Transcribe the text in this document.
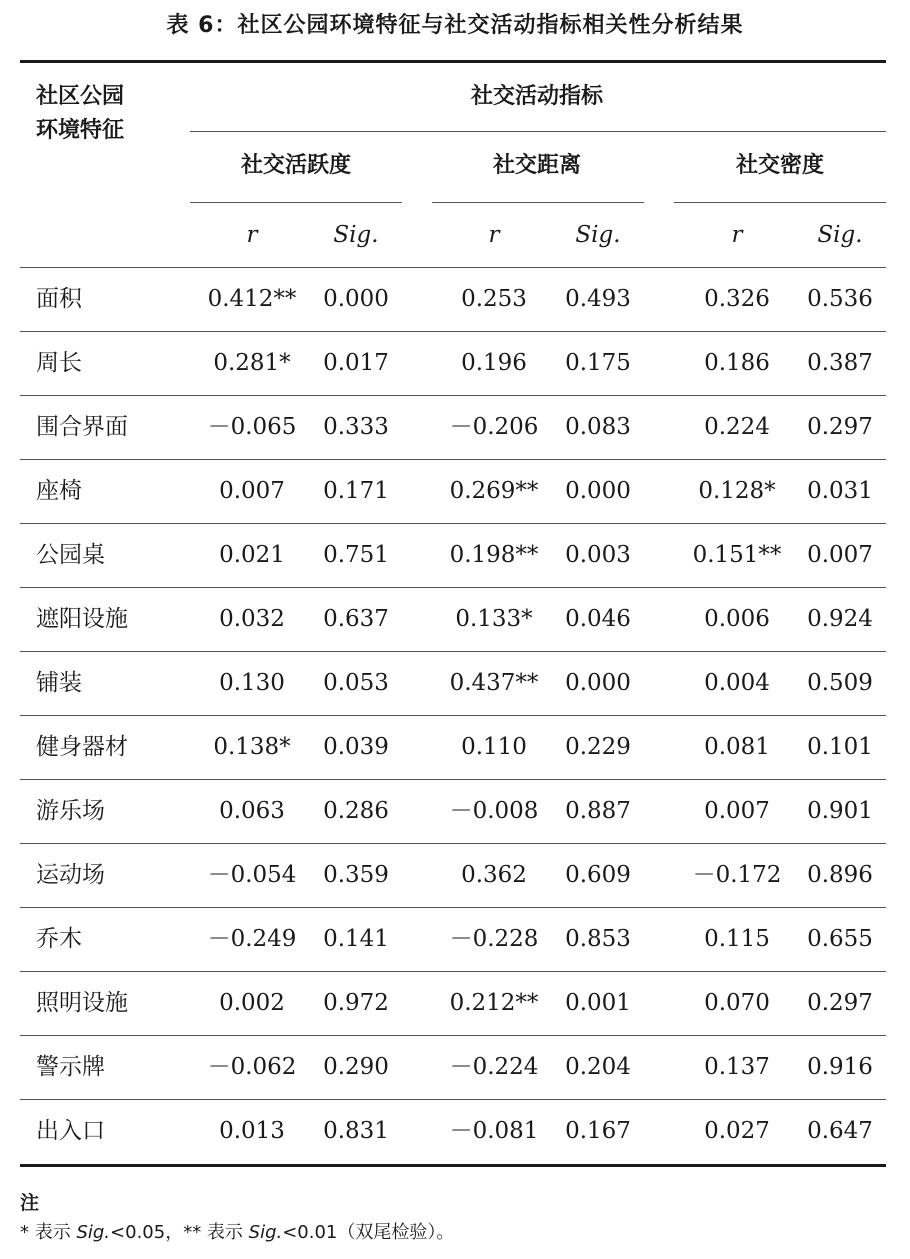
表 6：社区公园环境特征与社交活动指标相关性分析结果
社区公园
环境特征
社交活动指标
社交活跃度	社交距离	社交密度
r	Sig.	r	Sig.	r	Sig.
面积	0.412** 0.000	0.253 0.493	0.326 0.536
周长	0.281* 0.017	0.196 0.175	0.186 0.387
围合界面	－0.065 0.333	－0.206 0.083	0.224 0.297
座椅	0.007 0.171	0.269** 0.000	0.128* 0.031
公园桌	0.021 0.751	0.198** 0.003	0.151** 0.007
遮阳设施	0.032 0.637	0.133* 0.046	0.006 0.924
铺装	0.130 0.053	0.437** 0.000	0.004 0.509
健身器材	0.138* 0.039	0.110 0.229	0.081 0.101
游乐场	0.063 0.286	－0.008 0.887	0.007 0.901
运动场	－0.054 0.359	0.362 0.609	－0.172 0.896
乔木	－0.249 0.141	－0.228 0.853	0.115 0.655
照明设施	0.002 0.972	0.212** 0.001	0.070 0.297
警示牌	－0.062 0.290	－0.224 0.204	0.137 0.916
出入口	0.013 0.831	－0.081 0.167	0.027 0.647
注
* 表示 Sig.<0.05，** 表示 Sig.<0.01（双尾检验）。
